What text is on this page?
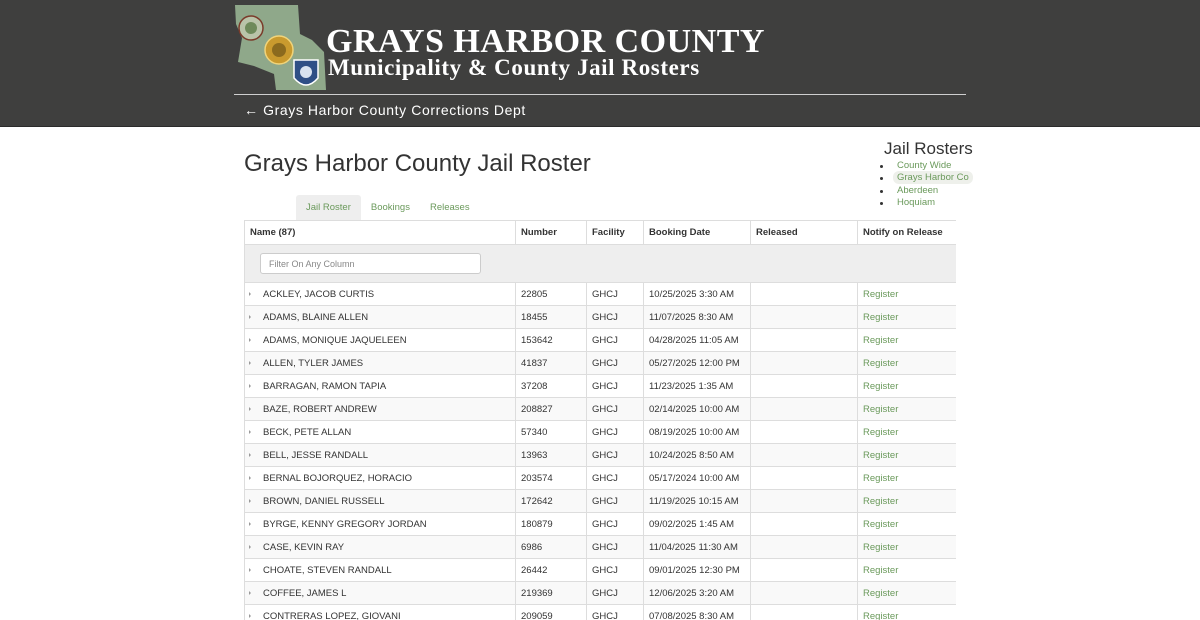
GRAYS HARBOR COUNTY
Municipality & County Jail Rosters
← Grays Harbor County Corrections Dept
Grays Harbor County Jail Roster
Jail Rosters
County Wide
Grays Harbor Co
Aberdeen
Hoquiam
Jail Roster	Bookings	Releases
Name (87)	Number	Facility	Booking Date	Released	Notify on Release
Filter On Any Column

ACKLEY, JACOB CURTIS	22805	GHCJ	10/25/2025 3:30 AM		Register

ADAMS, BLAINE ALLEN	18455	GHCJ	11/07/2025 8:30 AM		Register

ADAMS, MONIQUE JAQUELEEN	153642	GHCJ	04/28/2025 11:05 AM		Register

ALLEN, TYLER JAMES	41837	GHCJ	05/27/2025 12:00 PM		Register

BARRAGAN, RAMON TAPIA	37208	GHCJ	11/23/2025 1:35 AM		Register

BAZE, ROBERT ANDREW	208827	GHCJ	02/14/2025 10:00 AM		Register

BECK, PETE ALLAN	57340	GHCJ	08/19/2025 10:00 AM		Register

BELL, JESSE RANDALL	13963	GHCJ	10/24/2025 8:50 AM		Register

BERNAL BOJORQUEZ, HORACIO	203574	GHCJ	05/17/2024 10:00 AM		Register

BROWN, DANIEL RUSSELL	172642	GHCJ	11/19/2025 10:15 AM		Register

BYRGE, KENNY GREGORY JORDAN	180879	GHCJ	09/02/2025 1:45 AM		Register

CASE, KEVIN RAY	6986	GHCJ	11/04/2025 11:30 AM		Register

CHOATE, STEVEN RANDALL	26442	GHCJ	09/01/2025 12:30 PM		Register

COFFEE, JAMES L	219369	GHCJ	12/06/2025 3:20 AM		Register

CONTRERAS LOPEZ, GIOVANI	209059	GHCJ	07/08/2025 8:30 AM		Register
